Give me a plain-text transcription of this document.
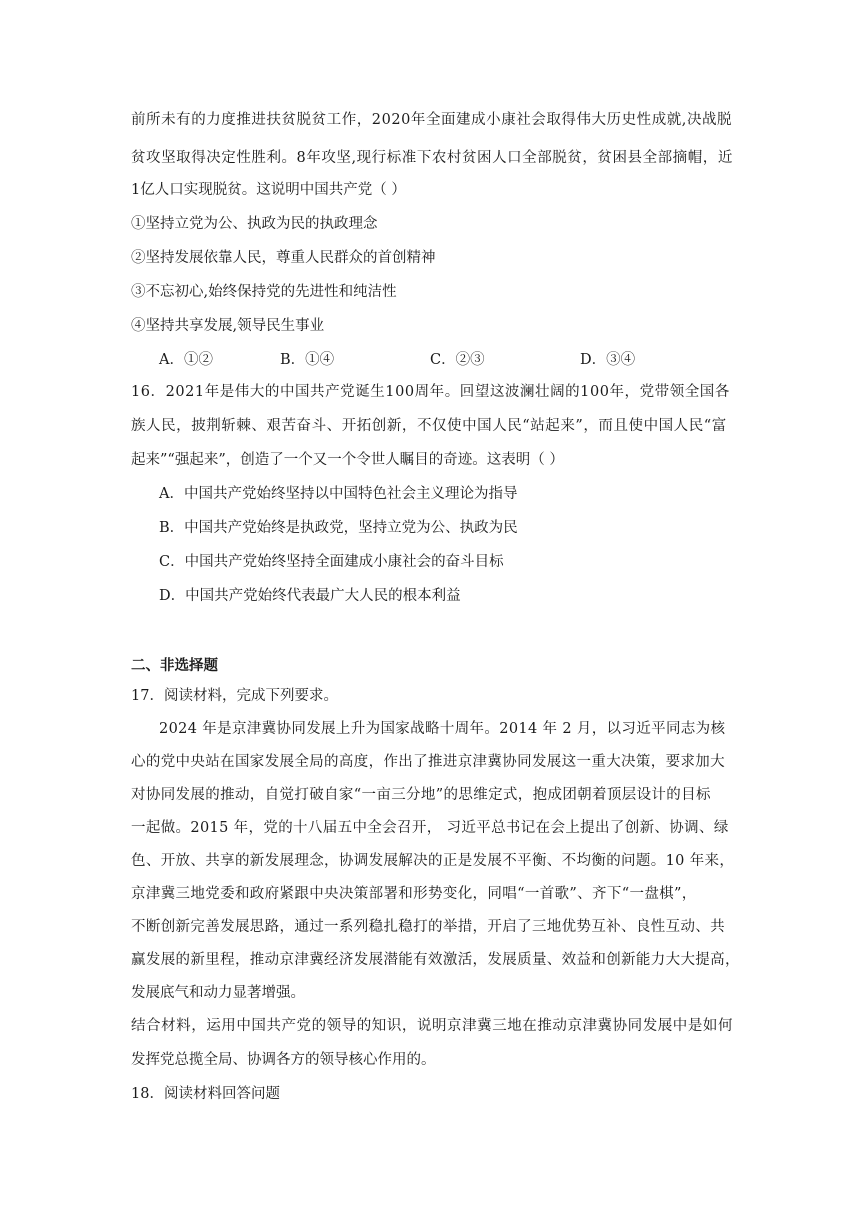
前所未有的力度推进扶贫脱贫工作，2020年全面建成小康社会取得伟大历史性成就,决战脱
贫攻坚取得决定性胜利。8年攻坚,现行标准下农村贫困人口全部脱贫，贫困县全部摘帽，近
1亿人口实现脱贫。这说明中国共产党（ ）
①坚持立党为公、执政为民的执政理念
②坚持发展依靠人民，尊重人民群众的首创精神
③不忘初心,始终保持党的先进性和纯洁性
④坚持共享发展,领导民生事业
A．①②	B．①④	C．②③	D．③④
16．2021年是伟大的中国共产党诞生100周年。回望这波澜壮阔的100年，党带领全国各
族人民，披荆斩棘、艰苦奋斗、开拓创新，不仅使中国人民“站起来”，而且使中国人民“富
起来”“强起来”，创造了一个又一个令世人瞩目的奇迹。这表明（ ）
A．中国共产党始终坚持以中国特色社会主义理论为指导
B．中国共产党始终是执政党，坚持立党为公、执政为民
C．中国共产党始终坚持全面建成小康社会的奋斗目标
D．中国共产党始终代表最广大人民的根本利益
二、非选择题
17．阅读材料，完成下列要求。
2024 年是京津冀协同发展上升为国家战略十周年。2014 年 2 月，以习近平同志为核
心的党中央站在国家发展全局的高度，作出了推进京津冀协同发展这一重大决策，要求加大
对协同发展的推动，自觉打破自家“一亩三分地”的思维定式，抱成团朝着顶层设计的目标
一起做。2015 年，党的十八届五中全会召开， 习近平总书记在会上提出了创新、协调、绿
色、开放、共享的新发展理念，协调发展解决的正是发展不平衡、不均衡的问题。10 年来，
京津冀三地党委和政府紧跟中央决策部署和形势变化，同唱“一首歌”、齐下“一盘棋”，
不断创新完善发展思路，通过一系列稳扎稳打的举措，开启了三地优势互补、良性互动、共
赢发展的新里程，推动京津冀经济发展潜能有效激活，发展质量、效益和创新能力大大提高，
发展底气和动力显著增强。
结合材料，运用中国共产党的领导的知识，说明京津冀三地在推动京津冀协同发展中是如何
发挥党总揽全局、协调各方的领导核心作用的。
18．阅读材料回答问题
